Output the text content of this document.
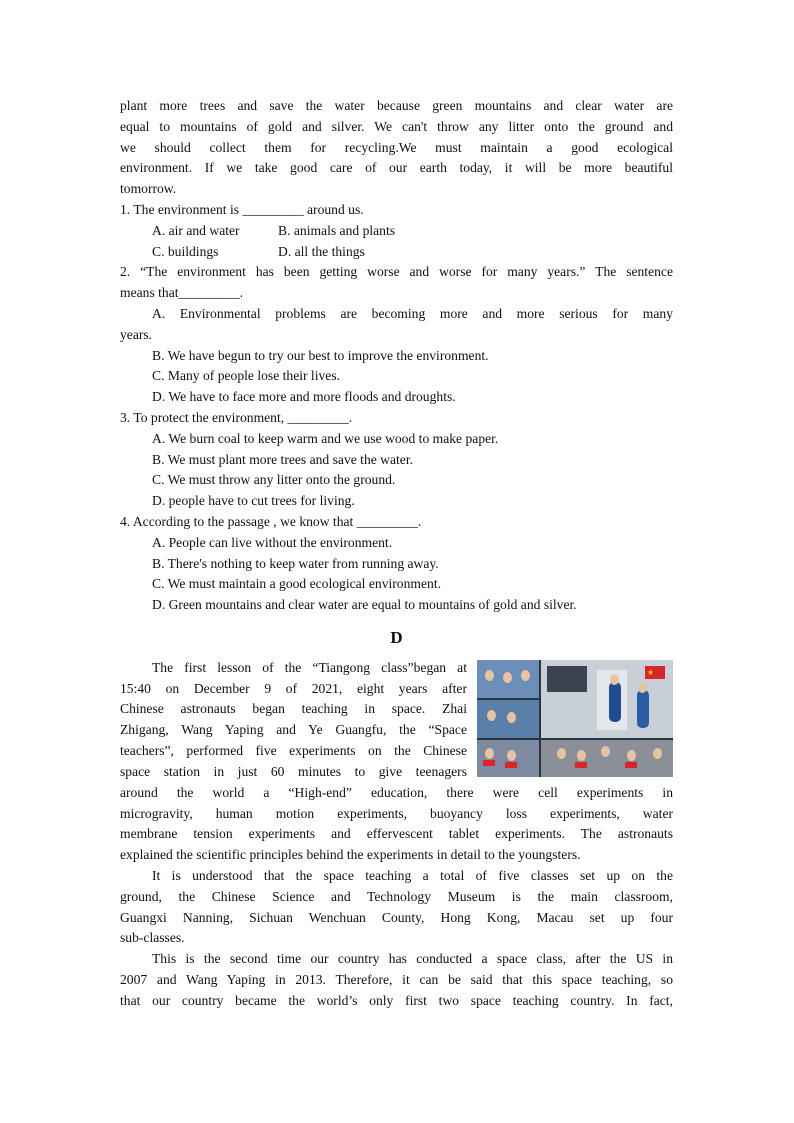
plant more trees and save the water because green mountains and clear water are
equal to mountains of gold and silver. We can't throw any litter onto the ground and
we should collect them for recycling.We must maintain a good ecological
environment. If we take good care of our earth today, it will be more beautiful
tomorrow.
1. The environment is _________ around us.
A. air and water	B. animals and plants
C. buildings	D. all the things
2. “The environment has been getting worse and worse for many years.” The sentence
means that_________.
A. Environmental problems are becoming more and more serious for many
years.
B. We have begun to try our best to improve the environment.
C. Many of people lose their lives.
D. We have to face more and more floods and droughts.
3. To protect the environment, _________.
A. We burn coal to keep warm and we use wood to make paper.
B. We must plant more trees and save the water.
C. We must throw any litter onto the ground.
D. people have to cut trees for living.
4. According to the passage , we know that _________.
A. People can live without the environment.
B. There's nothing to keep water from running away.
C. We must maintain a good ecological environment.
D. Green mountains and clear water are equal to mountains of gold and silver.
D
★

The first lesson of the “Tiangong class”began at

15:40 on December 9 of 2021, eight years after

Chinese astronauts began teaching in space. Zhai

Zhigang, Wang Yaping and Ye Guangfu, the “Space

teachers”, performed five experiments on the Chinese

space station in just 60 minutes to give teenagers

around the world a “High-end” education, there were cell experiments in

microgravity, human motion experiments, buoyancy loss experiments, water

membrane tension experiments and effervescent tablet experiments. The astronauts

explained the scientific principles behind the experiments in detail to the youngsters.

It is understood that the space teaching a total of five classes set up on the

ground, the Chinese Science and Technology Museum is the main classroom,

Guangxi Nanning, Sichuan Wenchuan County, Hong Kong, Macau set up four

sub-classes.

This is the second time our country has conducted a space class, after the US in

2007 and Wang Yaping in 2013. Therefore, it can be said that this space teaching, so

that our country became the world’s only first two space teaching country. In fact,
